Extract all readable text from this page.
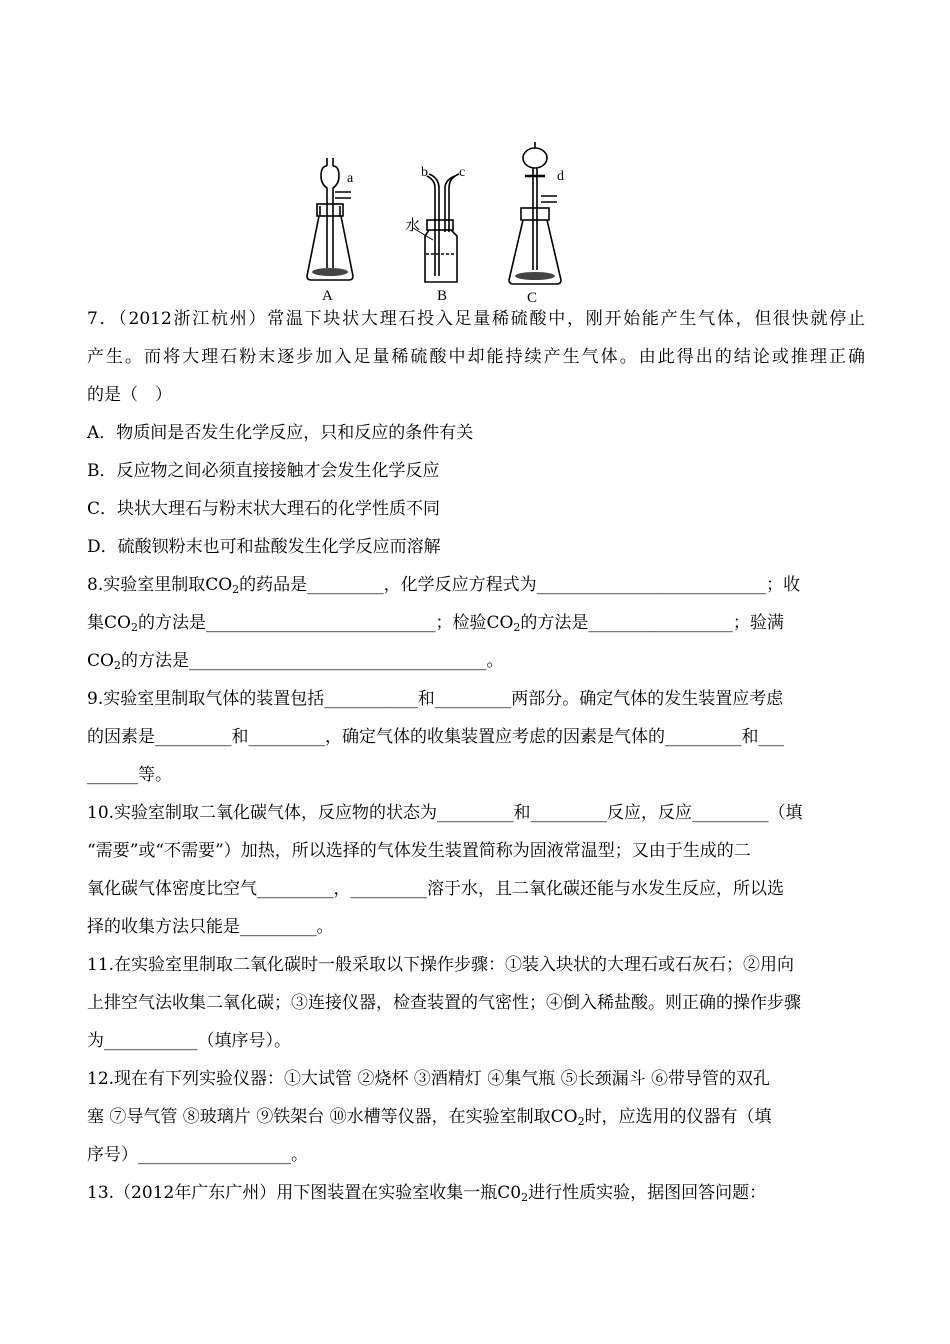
A	B	C
a	b c	d
水
7．（2012浙江杭州）常温下块状大理石投入足量稀硫酸中，刚开始能产生气体，但很快就停止
产生。而将大理石粉末逐步加入足量稀硫酸中却能持续产生气体。由此得出的结论或推理正确
的是（　）
A．物质间是否发生化学反应，只和反应的条件有关
B．反应物之间必须直接接触才会发生化学反应
C．块状大理石与粉末状大理石的化学性质不同
D．硫酸钡粉末也可和盐酸发生化学反应而溶解
8.实验室里制取$CO_2$的药品是_________，化学反应方程式为___________________________；收
集$CO_2$的方法是___________________________；检验$CO_2$的方法是_________________；验满
$CO_2$的方法是___________________________________。
9.实验室里制取气体的装置包括___________和_________两部分。确定气体的发生装置应考虑
的因素是_________和_________，确定气体的收集装置应考虑的因素是气体的_________和___
______等。
10.实验室制取二氧化碳气体，反应物的状态为_________和_________反应，反应_________（填
“需要”或“不需要”）加热，所以选择的气体发生装置简称为固液常温型；又由于生成的二
氧化碳气体密度比空气_________，_________溶于水，且二氧化碳还能与水发生反应，所以选
择的收集方法只能是_________。
11.在实验室里制取二氧化碳时一般采取以下操作步骤：①装入块状的大理石或石灰石；②用向
上排空气法收集二氧化碳；③连接仪器，检查装置的气密性；④倒入稀盐酸。则正确的操作步骤
为___________（填序号）。
12.现在有下列实验仪器：①大试管 ②烧杯 ③酒精灯 ④集气瓶 ⑤长颈漏斗 ⑥带导管的双孔
塞 ⑦导气管 ⑧玻璃片 ⑨铁架台 ⑩水槽等仪器，在实验室制取$CO_2$时，应选用的仪器有（填
序号）__________________。
13.（2012年广东广州）用下图装置在实验室收集一瓶$C0_2$进行性质实验，据图回答问题：
